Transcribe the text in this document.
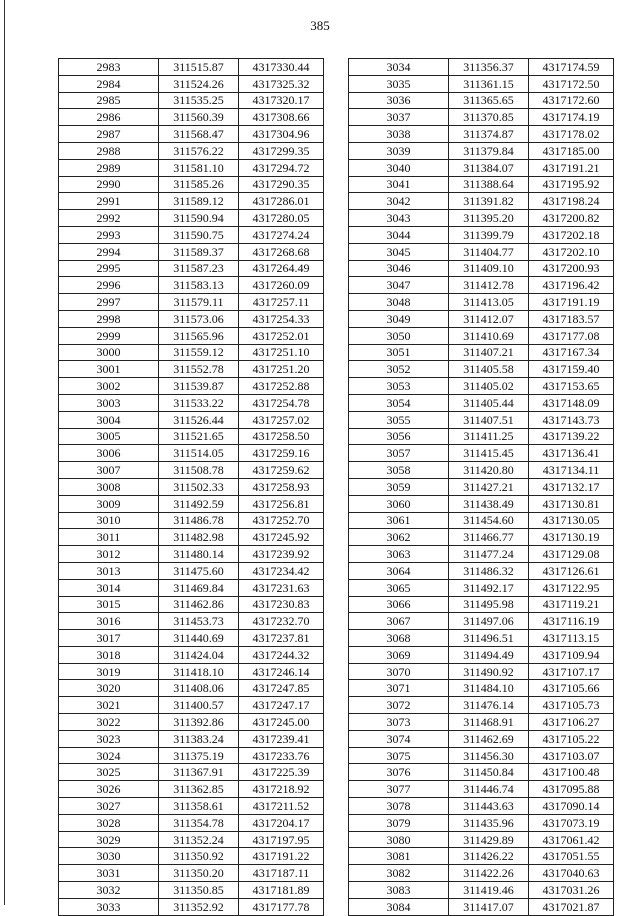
385
2983	311515.87	4317330.44
2984	311524.26	4317325.32
2985	311535.25	4317320.17
2986	311560.39	4317308.66
2987	311568.47	4317304.96
2988	311576.22	4317299.35
2989	311581.10	4317294.72
2990	311585.26	4317290.35
2991	311589.12	4317286.01
2992	311590.94	4317280.05
2993	311590.75	4317274.24
2994	311589.37	4317268.68
2995	311587.23	4317264.49
2996	311583.13	4317260.09
2997	311579.11	4317257.11
2998	311573.06	4317254.33
2999	311565.96	4317252.01
3000	311559.12	4317251.10
3001	311552.78	4317251.20
3002	311539.87	4317252.88
3003	311533.22	4317254.78
3004	311526.44	4317257.02
3005	311521.65	4317258.50
3006	311514.05	4317259.16
3007	311508.78	4317259.62
3008	311502.33	4317258.93
3009	311492.59	4317256.81
3010	311486.78	4317252.70
3011	311482.98	4317245.92
3012	311480.14	4317239.92
3013	311475.60	4317234.42
3014	311469.84	4317231.63
3015	311462.86	4317230.83
3016	311453.73	4317232.70
3017	311440.69	4317237.81
3018	311424.04	4317244.32
3019	311418.10	4317246.14
3020	311408.06	4317247.85
3021	311400.57	4317247.17
3022	311392.86	4317245.00
3023	311383.24	4317239.41
3024	311375.19	4317233.76
3025	311367.91	4317225.39
3026	311362.85	4317218.92
3027	311358.61	4317211.52
3028	311354.78	4317204.17
3029	311352.24	4317197.95
3030	311350.92	4317191.22
3031	311350.20	4317187.11
3032	311350.85	4317181.89
3033	311352.92	4317177.78
3034	311356.37	4317174.59
3035	311361.15	4317172.50
3036	311365.65	4317172.60
3037	311370.85	4317174.19
3038	311374.87	4317178.02
3039	311379.84	4317185.00
3040	311384.07	4317191.21
3041	311388.64	4317195.92
3042	311391.82	4317198.24
3043	311395.20	4317200.82
3044	311399.79	4317202.18
3045	311404.77	4317202.10
3046	311409.10	4317200.93
3047	311412.78	4317196.42
3048	311413.05	4317191.19
3049	311412.07	4317183.57
3050	311410.69	4317177.08
3051	311407.21	4317167.34
3052	311405.58	4317159.40
3053	311405.02	4317153.65
3054	311405.44	4317148.09
3055	311407.51	4317143.73
3056	311411.25	4317139.22
3057	311415.45	4317136.41
3058	311420.80	4317134.11
3059	311427.21	4317132.17
3060	311438.49	4317130.81
3061	311454.60	4317130.05
3062	311466.77	4317130.19
3063	311477.24	4317129.08
3064	311486.32	4317126.61
3065	311492.17	4317122.95
3066	311495.98	4317119.21
3067	311497.06	4317116.19
3068	311496.51	4317113.15
3069	311494.49	4317109.94
3070	311490.92	4317107.17
3071	311484.10	4317105.66
3072	311476.14	4317105.73
3073	311468.91	4317106.27
3074	311462.69	4317105.22
3075	311456.30	4317103.07
3076	311450.84	4317100.48
3077	311446.74	4317095.88
3078	311443.63	4317090.14
3079	311435.96	4317073.19
3080	311429.89	4317061.42
3081	311426.22	4317051.55
3082	311422.26	4317040.63
3083	311419.46	4317031.26
3084	311417.07	4317021.87
